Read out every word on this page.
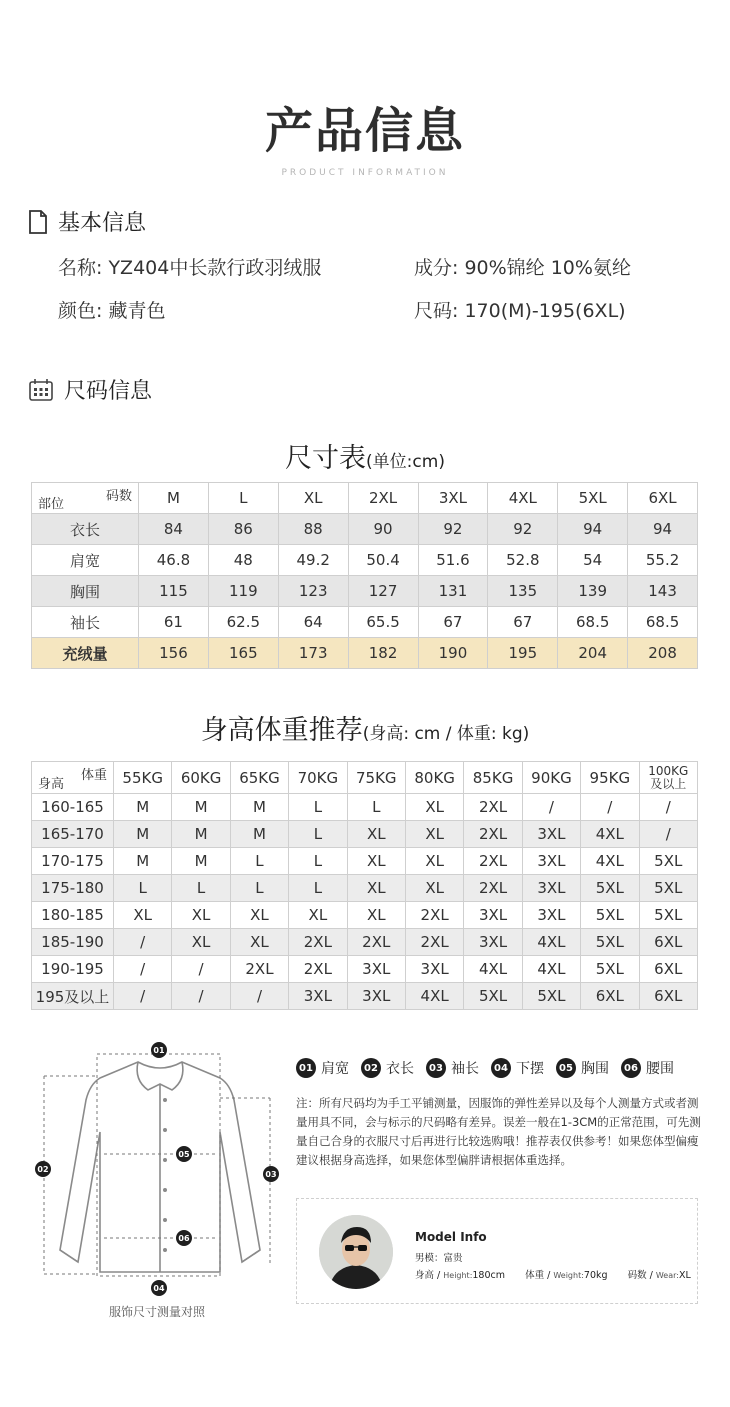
产品信息
PRODUCT INFORMATION
基本信息
名称: YZ404中长款行政羽绒服	成分: 90%锦纶 10%氨纶
颜色: 藏青色	尺码: 170(M)-195(6XL)
尺码信息
尺寸表(单位:cm)
码数
部位	M	L	XL	2XL	3XL	4XL	5XL	6XL
衣长	84	86	88	90	92	92	94	94
肩宽	46.8	48	49.2	50.4	51.6	52.8	54	55.2
胸围	115	119	123	127	131	135	139	143
袖长	61	62.5	64	65.5	67	67	68.5	68.5
充绒量	156	165	173	182	190	195	204	208
身高体重推荐(身高: cm / 体重: kg)
体重
身高	55KG	60KG	65KG	70KG	75KG	80KG	85KG	90KG	95KG	100KG
及以上
160-165	M	M	M	L	L	XL	2XL	/	/	/
165-170	M	M	M	L	XL	XL	2XL	3XL	4XL	/
170-175	M	M	L	L	XL	XL	2XL	3XL	4XL	5XL
175-180	L	L	L	L	XL	XL	2XL	3XL	5XL	5XL
180-185	XL	XL	XL	XL	XL	2XL	3XL	3XL	5XL	5XL
185-190	/	XL	XL	2XL	2XL	2XL	3XL	4XL	5XL	6XL
190-195	/	/	2XL	2XL	3XL	3XL	4XL	4XL	5XL	6XL
195及以上	/	/	/	3XL	3XL	4XL	5XL	5XL	6XL	6XL
01
02
03
04
05
06
服饰尺寸测量对照
01 肩宽	02 衣长	03 袖长	04 下摆	05 胸围	06 腰围
注：所有尺码均为手工平铺测量，因服饰的弹性差异以及每个人测量方式或者测量用具不同，会与标示的尺码略有差异。误差一般在1-3CM的正常范围，可先测量自己合身的衣服尺寸后再进行比较选购哦！推荐表仅供参考！如果您体型偏瘦建议根据身高选择，如果您体型偏胖请根据体重选择。
Model Info
男模：富贵
身高 / Height:180cm 体重 / Weight:70kg 码数 / Wear:XL
